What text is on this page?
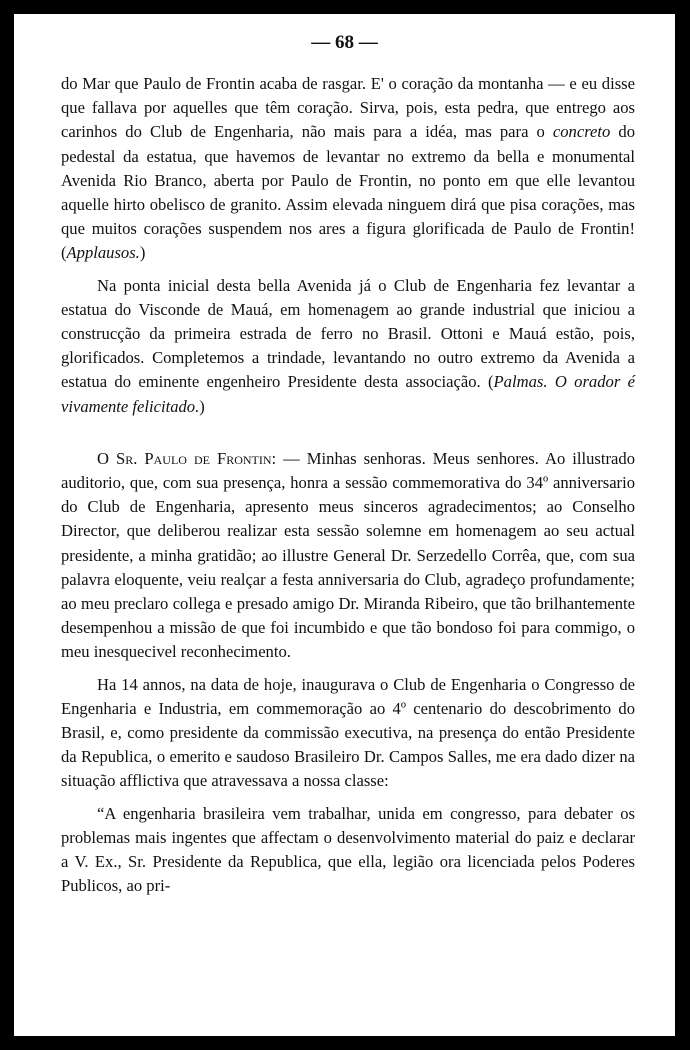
— 68 —

do Mar que Paulo de Frontin acaba de rasgar. E' o coração da montanha — e eu disse que fallava por aquelles que têm coração. Sirva, pois, esta pedra, que entrego aos carinhos do Club de Engenharia, não mais para a idéa, mas para o concreto do pedestal da estatua, que havemos de levantar no extremo da bella e monumental Avenida Rio Branco, aberta por Paulo de Frontin, no ponto em que elle levantou aquelle hirto obelisco de granito. Assim elevada ninguem dirá que pisa corações, mas que muitos corações suspendem nos ares a figura glorificada de Paulo de Frontin! (Applausos.)

Na ponta inicial desta bella Avenida já o Club de Engenharia fez levantar a estatua do Visconde de Mauá, em homenagem ao grande industrial que iniciou a construcção da primeira estrada de ferro no Brasil. Ottoni e Mauá estão, pois, glorificados. Completemos a trindade, levantando no outro extremo da Avenida a estatua do eminente engenheiro Presidente desta associação. (Palmas. O orador é vivamente felicitado.)

O Sr. Paulo de Frontin: — Minhas senhoras. Meus senhores. Ao illustrado auditorio, que, com sua presença, honra a sessão commemorativa do 34º anniversario do Club de Engenharia, apresento meus sinceros agradecimentos; ao Conselho Director, que deliberou realizar esta sessão solemne em homenagem ao seu actual presidente, a minha gratidão; ao illustre General Dr. Serzedello Corrêa, que, com sua palavra eloquente, veiu realçar a festa anniversaria do Club, agradeço profundamente; ao meu preclaro collega e presado amigo Dr. Miranda Ribeiro, que tão brilhantemente desempenhou a missão de que foi incumbido e que tão bondoso foi para commigo, o meu inesquecivel reconhecimento.

Ha 14 annos, na data de hoje, inaugurava o Club de Engenharia o Congresso de Engenharia e Industria, em commemoração ao 4º centenario do descobrimento do Brasil, e, como presidente da commissão executiva, na presença do então Presidente da Republica, o emerito e saudoso Brasileiro Dr. Campos Salles, me era dado dizer na situação afflictiva que atravessava a nossa classe:

“A engenharia brasileira vem trabalhar, unida em congresso, para debater os problemas mais ingentes que affectam o desenvolvimento material do paiz e declarar a V. Ex., Sr. Presidente da Republica, que ella, legião ora licenciada pelos Poderes Publicos, ao pri-
